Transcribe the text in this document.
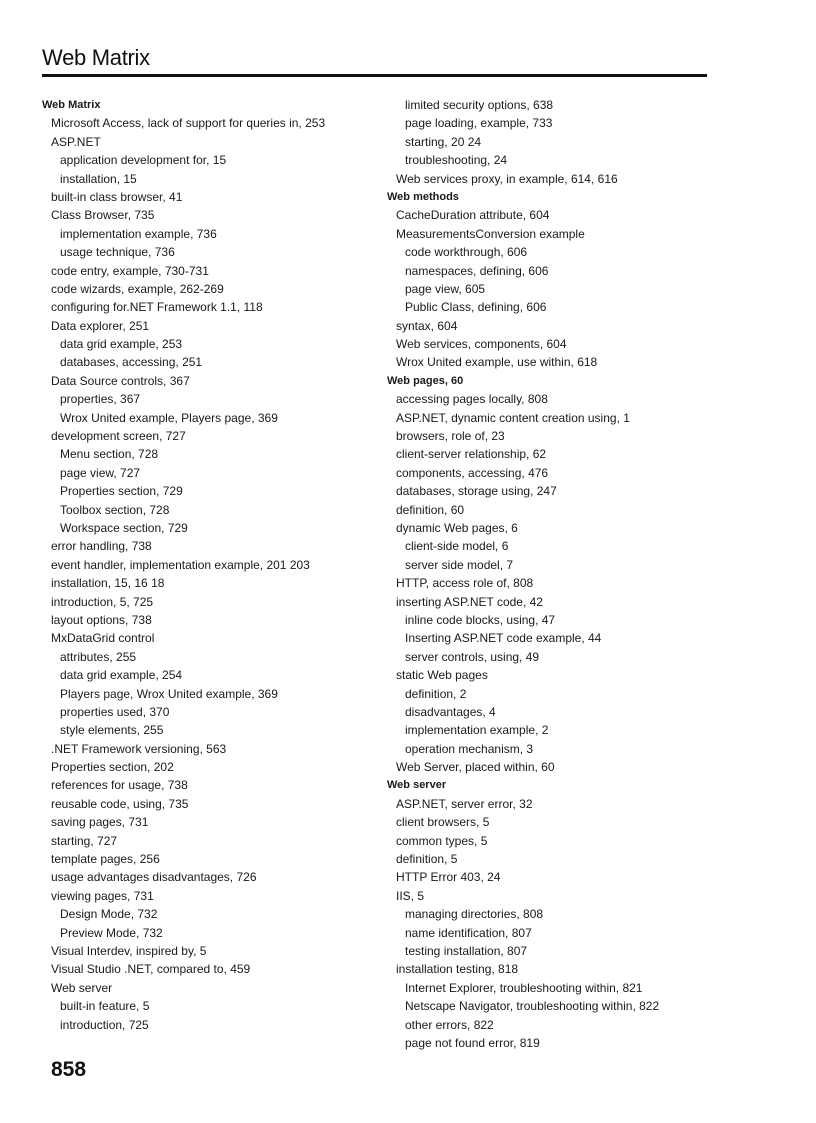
Web Matrix
Web Matrix
Microsoft Access, lack of support for queries in, 253
ASP.NET
application development for, 15
installation, 15
built-in class browser, 41
Class Browser, 735
implementation example, 736
usage technique, 736
code entry, example, 730-731
code wizards, example, 262-269
configuring for.NET Framework 1.1, 118
Data explorer, 251
data grid example, 253
databases, accessing, 251
Data Source controls, 367
properties, 367
Wrox United example, Players page, 369
development screen, 727
Menu section, 728
page view, 727
Properties section, 729
Toolbox section, 728
Workspace section, 729
error handling, 738
event handler, implementation example, 201 203
installation, 15, 16 18
introduction, 5, 725
layout options, 738
MxDataGrid control
attributes, 255
data grid example, 254
Players page, Wrox United example, 369
properties used, 370
style elements, 255
.NET Framework versioning, 563
Properties section, 202
references for usage, 738
reusable code, using, 735
saving pages, 731
starting, 727
template pages, 256
usage advantages disadvantages, 726
viewing pages, 731
Design Mode, 732
Preview Mode, 732
Visual Interdev, inspired by, 5
Visual Studio .NET, compared to, 459
Web server
built-in feature, 5
introduction, 725
limited security options, 638
page loading, example, 733
starting, 20 24
troubleshooting, 24
Web services proxy, in example, 614, 616
Web methods
CacheDuration attribute, 604
MeasurementsConversion example
code workthrough, 606
namespaces, defining, 606
page view, 605
Public Class, defining, 606
syntax, 604
Web services, components, 604
Wrox United example, use within, 618
Web pages, 60
accessing pages locally, 808
ASP.NET, dynamic content creation using, 1
browsers, role of, 23
client-server relationship, 62
components, accessing, 476
databases, storage using, 247
definition, 60
dynamic Web pages, 6
client-side model, 6
server side model, 7
HTTP, access role of, 808
inserting ASP.NET code, 42
inline code blocks, using, 47
Inserting ASP.NET code example, 44
server controls, using, 49
static Web pages
definition, 2
disadvantages, 4
implementation example, 2
operation mechanism, 3
Web Server, placed within, 60
Web server
ASP.NET, server error, 32
client browsers, 5
common types, 5
definition, 5
HTTP Error 403, 24
IIS, 5
managing directories, 808
name identification, 807
testing installation, 807
installation testing, 818
Internet Explorer, troubleshooting within, 821
Netscape Navigator, troubleshooting within, 822
other errors, 822
page not found error, 819
858
